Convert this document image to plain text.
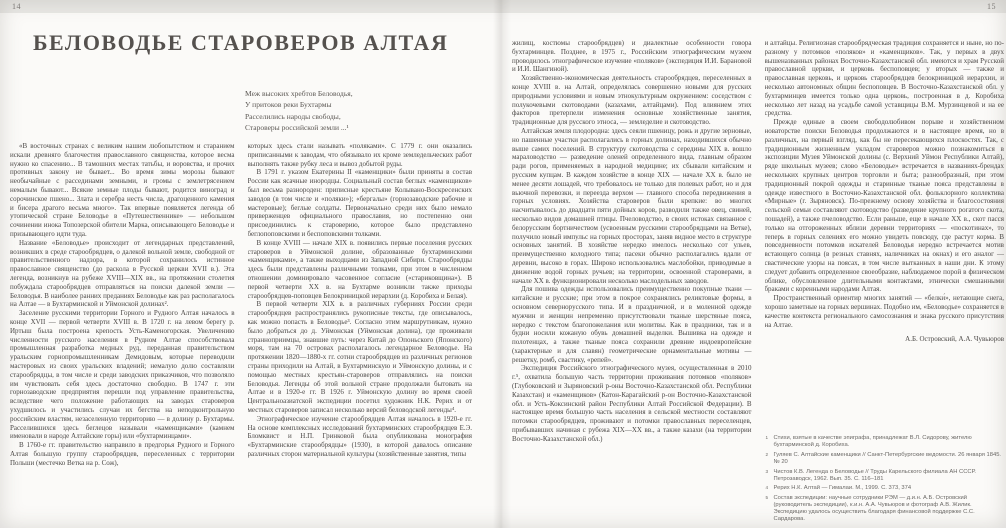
14	15
БЕЛОВОДЬЕ СТАРОВЕРОВ АЛТАЯ
Меж высоких хребтов Беловодья,
У притоков реки Бухтармы
Расселились народы свободы,
Староверы российской земли ...¹

«В восточных странах с великим нашим любопытством и старанием искали древняго благочестия православного священства, которое весма нужно ко спасению... В тамошних местах татьбы, и воровства, и прочих противных закону не бывает... Во время зимы морозы бывают необычайные с рассединами земными, и громы с землетрясением немалым бывают... Всякие земные плоды бывают, родится виноград и сорочинское пшено... Злата и серебра несть числа, драгоценного камения и бисера драгого весьма много». Так впервые появляется легенда об утопической стране Беловодье в «Путешественнике» — небольшом сочинении инока Топозерской обители Марка, описывающего Беловодье и призывающего идти туда.

Название «Беловодье» происходит от легендарных представлений, возникших в среде старообрядцев, о далекой вольной земле, свободной от правительственного надзора, в которой сохранилось истинное православное священство (до раскола в Русской церкви XVII в.). Эта легенда, возникнув на рубеже XVIII—XIX вв., на протяжении столетия побуждала старообрядцев отправляться на поиски далекой земли — Беловодья. В наиболее ранних преданиях Беловодье как раз располагалось на Алтае — в Бухтарминской и Уймонской долинах².

Заселение русскими территории Горного и Рудного Алтая началось в конце XVII — первой четверти XVIII в. В 1720 г. на левом берегу р. Иртыш была построена крепость Усть-Каменогорская. Увеличению численности русского населения в Рудном Алтае способствовала промышленная разработка медных руд, переданная правительством уральским горнопромышленникам Демидовым, которые переводили мастеровых из своих уральских владений; немалую долю составляли старообрядцы, в том числе и среди заводских приказчиков, что позволяло им чувствовать себя здесь достаточно свободно. В 1747 г. эти горнозаводские предприятия перешли под управление правительства, вследствие чего положение работающих на заводах староверов ухудшилось и участились случаи их бегства на неподконтрольную российским властям, незаселенную территорию — в долину р. Бухтармы. Расселившихся здесь беглецов называли «каменщиками» (камнем именовали в народе Алтайские горы) или «бухтарминцами».

В 1760-е гг. правительство направило в предгорья Рудного и Горного Алтая большую группу старообрядцев, переселенных с территории Польши (местечко Ветка на р. Сож),

которых здесь стали называть «поляками». С 1779 г. они оказались приписанными к заводам, что обязывало их кроме земледельческих работ выполнять также рубку леса и вывоз добытой руды.

В 1791 г. указом Екатерины II «каменщики» были приняты в состав России как ясачные инородцы. Социальный состав беглых «каменщиков» был весьма разнороден: приписные крестьяне Колывано-Воскресенских заводов (в том числе и «поляки»); «бергалы» (горнозаводские рабочие и мастеровые); беглые солдаты. Первоначально среди них было немало приверженцев официального православия, но постепенно они присоединились к староверию, которое было представлено беглопоповскими и беспоповскими толками.

В конце XVIII — начале XIX в. появились первые поселения русских староверов в Уймонской долине, образованные бухтарминскими «каменщиками», а также выходцами из Западной Сибири. Старообрядцы здесь были представлены различными толками, при этом в численном отношении доминировало часовенное согласие («стариковщина»). В первой четверти XX в. на Бухтарме возникли также приходы старообрядцев-поповцев Белокриницкой иерархии (д. Коробиха и Белая).

В первой четверти XIX в. в различных губерниях России среди старообрядцев распространялись рукописные тексты, где описывалось, как можно попасть в Беловодье³. Согласно этим маршрутникам, нужно было добраться до д. Уймонская (Уймонская долина), где проживали странноприимцы, знавшие путь: через Китай до Опоньского (Японского) моря, там на 70 островах располагалось легендарное Беловодье. На протяжении 1820—1880-х гг. сотни старообрядцев из различных регионов страны приходили на Алтай, в Бухтарминскую и Уймонскую долины, и с помощью местных крестьян-староверов отправлялись на поиски Беловодья. Легенды об этой вольной стране продолжали бытовать на Алтае и в 1920-е гг. В 1926 г. Уймонскую долину во время своей Центральноазиатской экспедиции посетил художник Н.К. Рерих и от местных староверов записал несколько версий беловодской легенды⁴.

Этнографическое изучение старообрядцев Алтая началось в 1920-е гг. На основе комплексных исследований бухтарминских старообрядцев Е.Э. Бломквист и Н.П. Гринковой была опубликована монография «Бухтарминские старообрядцы» (1930), в которой давалось описание различных сторон материальной культуры (хозяйственные занятия, типы

жилищ, костюмы старообрядцев) и диалектные особенности говора бухтарминцев. Позднее, в 1975 г., Российским этнографическим музеем проводилось этнографическое изучение «поляков» (экспедиция И.И. Барановой и И.И. Шангиной).

Хозяйственно-экономическая деятельность старообрядцев, переселенных в конце XVIII в. на Алтай, определялась совершенно новыми для русских природными условиями и новым этнокультурным окружением: соседством с полукочевыми скотоводами (казахами, алтайцами). Под влиянием этих факторов претерпели изменения основные хозяйственные занятия, традиционные для русского этноса, — земледелие и скотоводство.

Алтайская земля плодородна: здесь сеяли пшеницу, рожь и другие зерновые, но пашенные участки располагались в горных долинах, находившихся обычно выше самих поселений. В структуру скотоводства с середины XIX в. вошло мараловодство — разведение оленей определенного вида, главным образом ради рогов, применяемых в народной медицине; их сбывали китайским и русским купцам. В каждом хозяйстве в конце XIX — начале XX в. было не менее десяти лошадей, что требовалось не только для полевых работ, но и для вьючной перевозки, и переезда верхом — главного способа передвижения в горных условиях. Хозяйства староверов были крепкие: во многих насчитывалось до двадцати пяти дойных коров, разводили также овец, свиней, несколько видов домашней птицы. Пчеловодство, в своих истоках связанное с белорусским бортничеством (усвоенным русскими старообрядцами на Ветке), получило новый импульс на горных просторах, заняв видное место в структуре основных занятий. В хозяйстве нередко имелось несколько сот ульев, преимущественно колодного типа; пасеки обычно располагались вдали от деревни, высоко в горах. Широко использовались маслобойки, приводимые в движение водой горных ручьев; на территории, освоенной староверами, в начале XX в. функционировали несколько маслодельных заводов.

Для пошива одежды использовались преимущественно покупные ткани — китайские и русские; при этом в покрое сохранялись реликтовые формы, в основном севернорусского типа. И в праздничной, и в моленной одежде мужчин и женщин непременно присутствовали тканые шерстяные пояса, нередко с текстом благопожелания или молитвы. Как в праздники, так и в будни носили кожаную обувь домашней выделки. Вышивка на одежде и полотенцах, а также тканые пояса сохранили древние индоевропейские (характерные и для славян) геометрические орнаментальные мотивы — решетку, ромб, свастику, «репей».

Экспедиция Российского этнографического музея, осуществленная в 2010 г.⁵, охватила большую часть территории проживания потомков «поляков» (Глубоковский и Зыряновский р-оны Восточно-Казахстанской обл. Республики Казахстан) и «каменщиков» (Катон-Карагайский р-он Восточно-Казахстанской обл. и Усть-Коксинский район Республики Алтай Российской Федерации). В настоящее время большую часть населения в сельской местности составляют потомки старообрядцев, проживают и потомки православных переселенцев, прибывавших начиная с рубежа XIX—XX вв., а также казахи (на территории Восточно-Казахстанской обл.)

и алтайцы. Религиозная старообрядческая традиция сохраняется и ныне, но по-разному у потомков «поляков» и «каменщиков». Так, у первых в двух вышеназванных районах Восточно-Казахстанской обл. имеются и храм Русской православной церкви, и церковь беспоповцев; у вторых — также и православная церковь, и церковь старообрядцев белокриницкой иерархии, и несколько автономных общин беспоповцев. В Восточно-Казахстанской обл. у бухтарминцев имеется только одна церковь, построенная в д. Коробиха несколько лет назад на усадьбе самой уставщицы В.М. Мурзинцевой и на ее средства.

Прежде единые в своем свободолюбивом порыве и хозяйственном новаторстве поиски Беловодья продолжаются и в настоящее время, но в различных, на первый взгляд, как бы не пересекающихся плоскостях. Так, с традиционным жизненным укладом староверов можно познакомиться в экспозиции Музея Уймонской долины (с. Верхний Уймон Республики Алтай), ряде школьных музеев; слово «Беловодье» встречается в названиях-брендах нескольких крупных центров торговли и быта; разнообразный, при этом традиционный покрой одежды и старинные тканые пояса представлены в одежде известного в Восточно-Казахстанской обл. фольклорного коллектива «Мирные» (г. Зыряновск). По-прежнему основу хозяйства и благосостояния сельской семьи составляют скотоводство (разведение крупного рогатого скота, лошадей), а также пчеловодство. Если раньше, еще в начале XX в., скот пасся только на отгороженных вблизи деревни территориях — «поскотинах», то теперь в горных селениях его можно увидеть повсюду, где растут корма. В повседневности потомков искателей Беловодья нередко встречается мотив встающего солнца (в резных ставнях, наличниках на окнах) и его аналог — свастические узоры на поясах, в том числе вытканных в наши дни. К этому следует добавить определенное своеобразие, наблюдаемое порой в физическом облике, обусловленное длительными контактами, этнически смешанными браками с коренными народами Алтая.

Пространственный ориентир многих занятий — «белки́», нетающие снега, хорошо заметные на горных вершинах. Подобно им, «Беловодье» сохраняется в качестве контекста регионального самосознания и знака русского присутствия на Алтае.

А.Б. Островский, А.А. Чувьюров
1 Стихи, взятые в качестве эпиграфа, принадлежат В.Л. Сидорову, жителю бухтарминской д. Коробиха.
2 Гуляев С. Алтайские каменщики // Санкт-Петербургские ведомости. 26 января 1845. № 20
3 Чистов К.В. Легенда о Беловодье // Труды Карельского филиала АН СССР. Петрозаводск, 1962. Вып. 35. С. 116–181
4 Рерих Н.К. Алтай — Гималаи. М., 1999. С. 373, 374
5 Состав экспедиции: научные сотрудники РЭМ — д.и.н. А.Б. Островский (руководитель экспедиции), к.и.н. А.А. Чувьюров и фотограф А.В. Жилик. Экспедицию удалось осуществить благодаря финансовой поддержке С.С. Сардарова.
